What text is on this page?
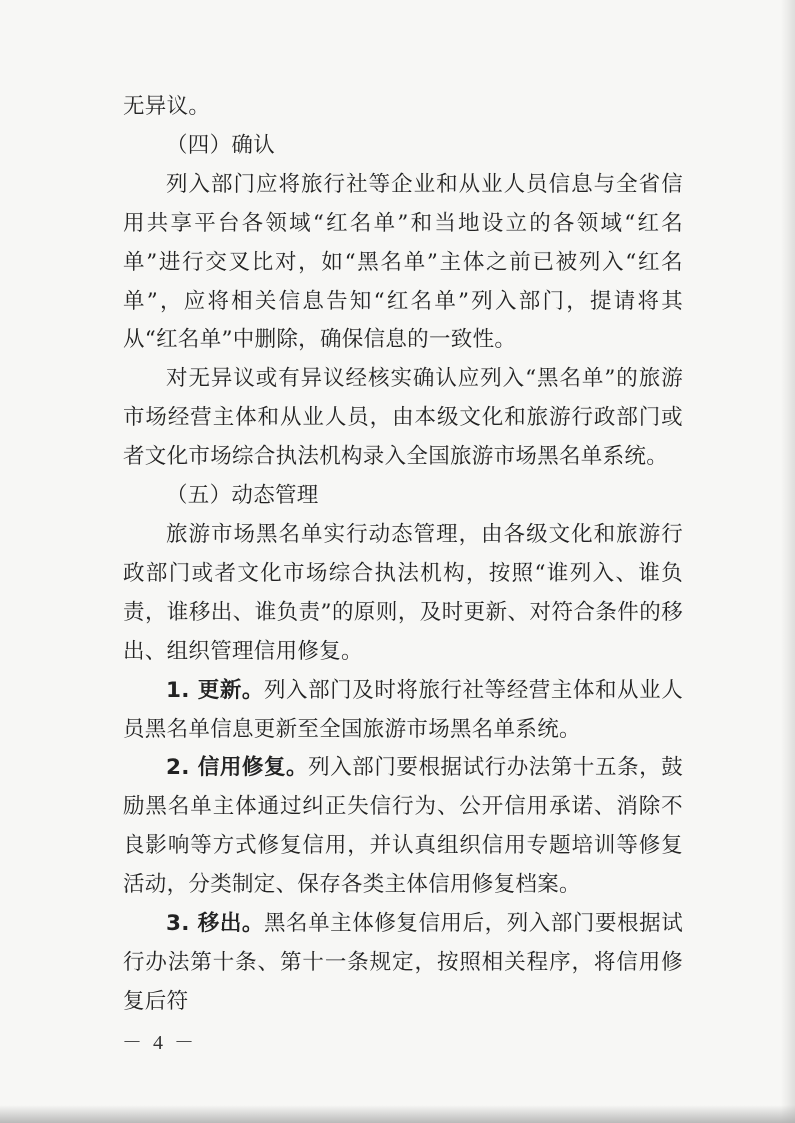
无异议。

（四）确认

列入部门应将旅行社等企业和从业人员信息与全省信用共享平台各领域“红名单”和当地设立的各领域“红名单”进行交叉比对，如“黑名单”主体之前已被列入“红名单”，应将相关信息告知“红名单”列入部门，提请将其从“红名单”中删除，确保信息的一致性。

对无异议或有异议经核实确认应列入“黑名单”的旅游市场经营主体和从业人员，由本级文化和旅游行政部门或者文化市场综合执法机构录入全国旅游市场黑名单系统。

（五）动态管理

旅游市场黑名单实行动态管理，由各级文化和旅游行政部门或者文化市场综合执法机构，按照“谁列入、谁负责，谁移出、谁负责”的原则，及时更新、对符合条件的移出、组织管理信用修复。

1. 更新。列入部门及时将旅行社等经营主体和从业人员黑名单信息更新至全国旅游市场黑名单系统。

2. 信用修复。列入部门要根据试行办法第十五条，鼓励黑名单主体通过纠正失信行为、公开信用承诺、消除不良影响等方式修复信用，并认真组织信用专题培训等修复活动，分类制定、保存各类主体信用修复档案。

3. 移出。黑名单主体修复信用后，列入部门要根据试行办法第十条、第十一条规定，按照相关程序，将信用修复后符

－ 4 －
